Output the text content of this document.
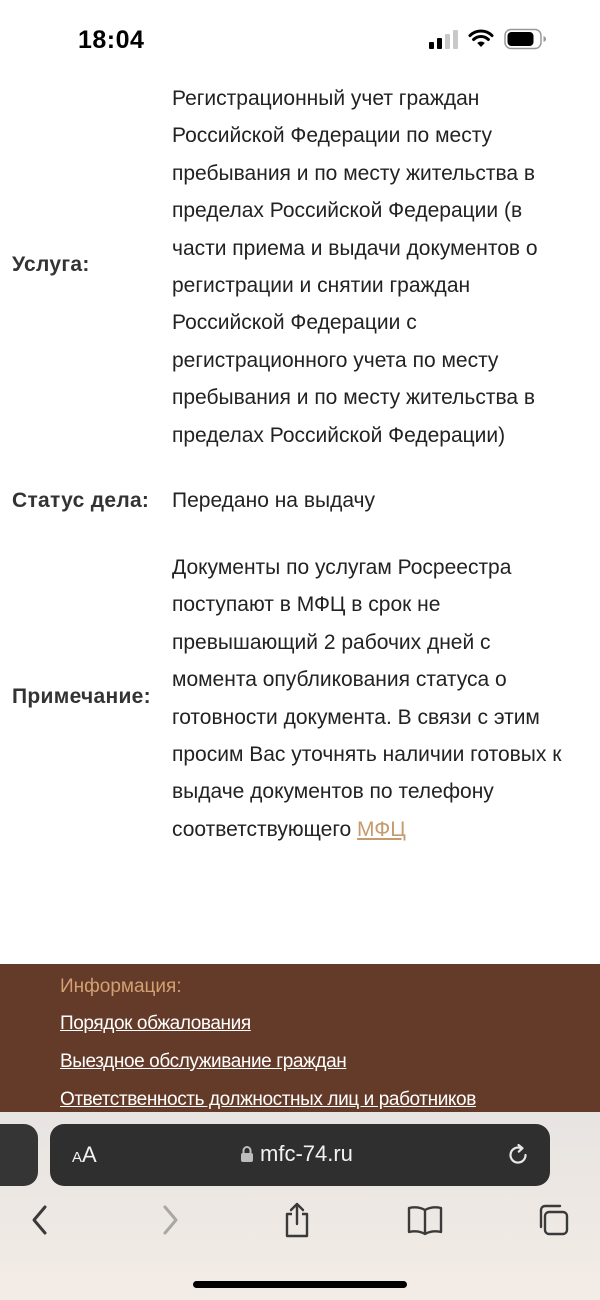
18:04
Услуга:
Регистрационный учет граждан Российской Федерации по месту пребывания и по месту жительства в пределах Российской Федерации (в части приема и выдачи документов о регистрации и снятии граждан Российской Федерации с регистрационного учета по месту пребывания и по месту жительства в пределах Российской Федерации)
Статус дела: Передано на выдачу
Примечание:
Документы по услугам Росреестра поступают в МФЦ в срок не превышающий 2 рабочих дней с момента опубликования статуса о готовности документа. В связи с этим просим Вас уточнять наличии готовых к выдаче документов по телефону соответствующего МФЦ
Информация:
Порядок обжалования
Выездное обслуживание граждан
Ответственность должностных лиц и работников
AA	mfc-74.ru
